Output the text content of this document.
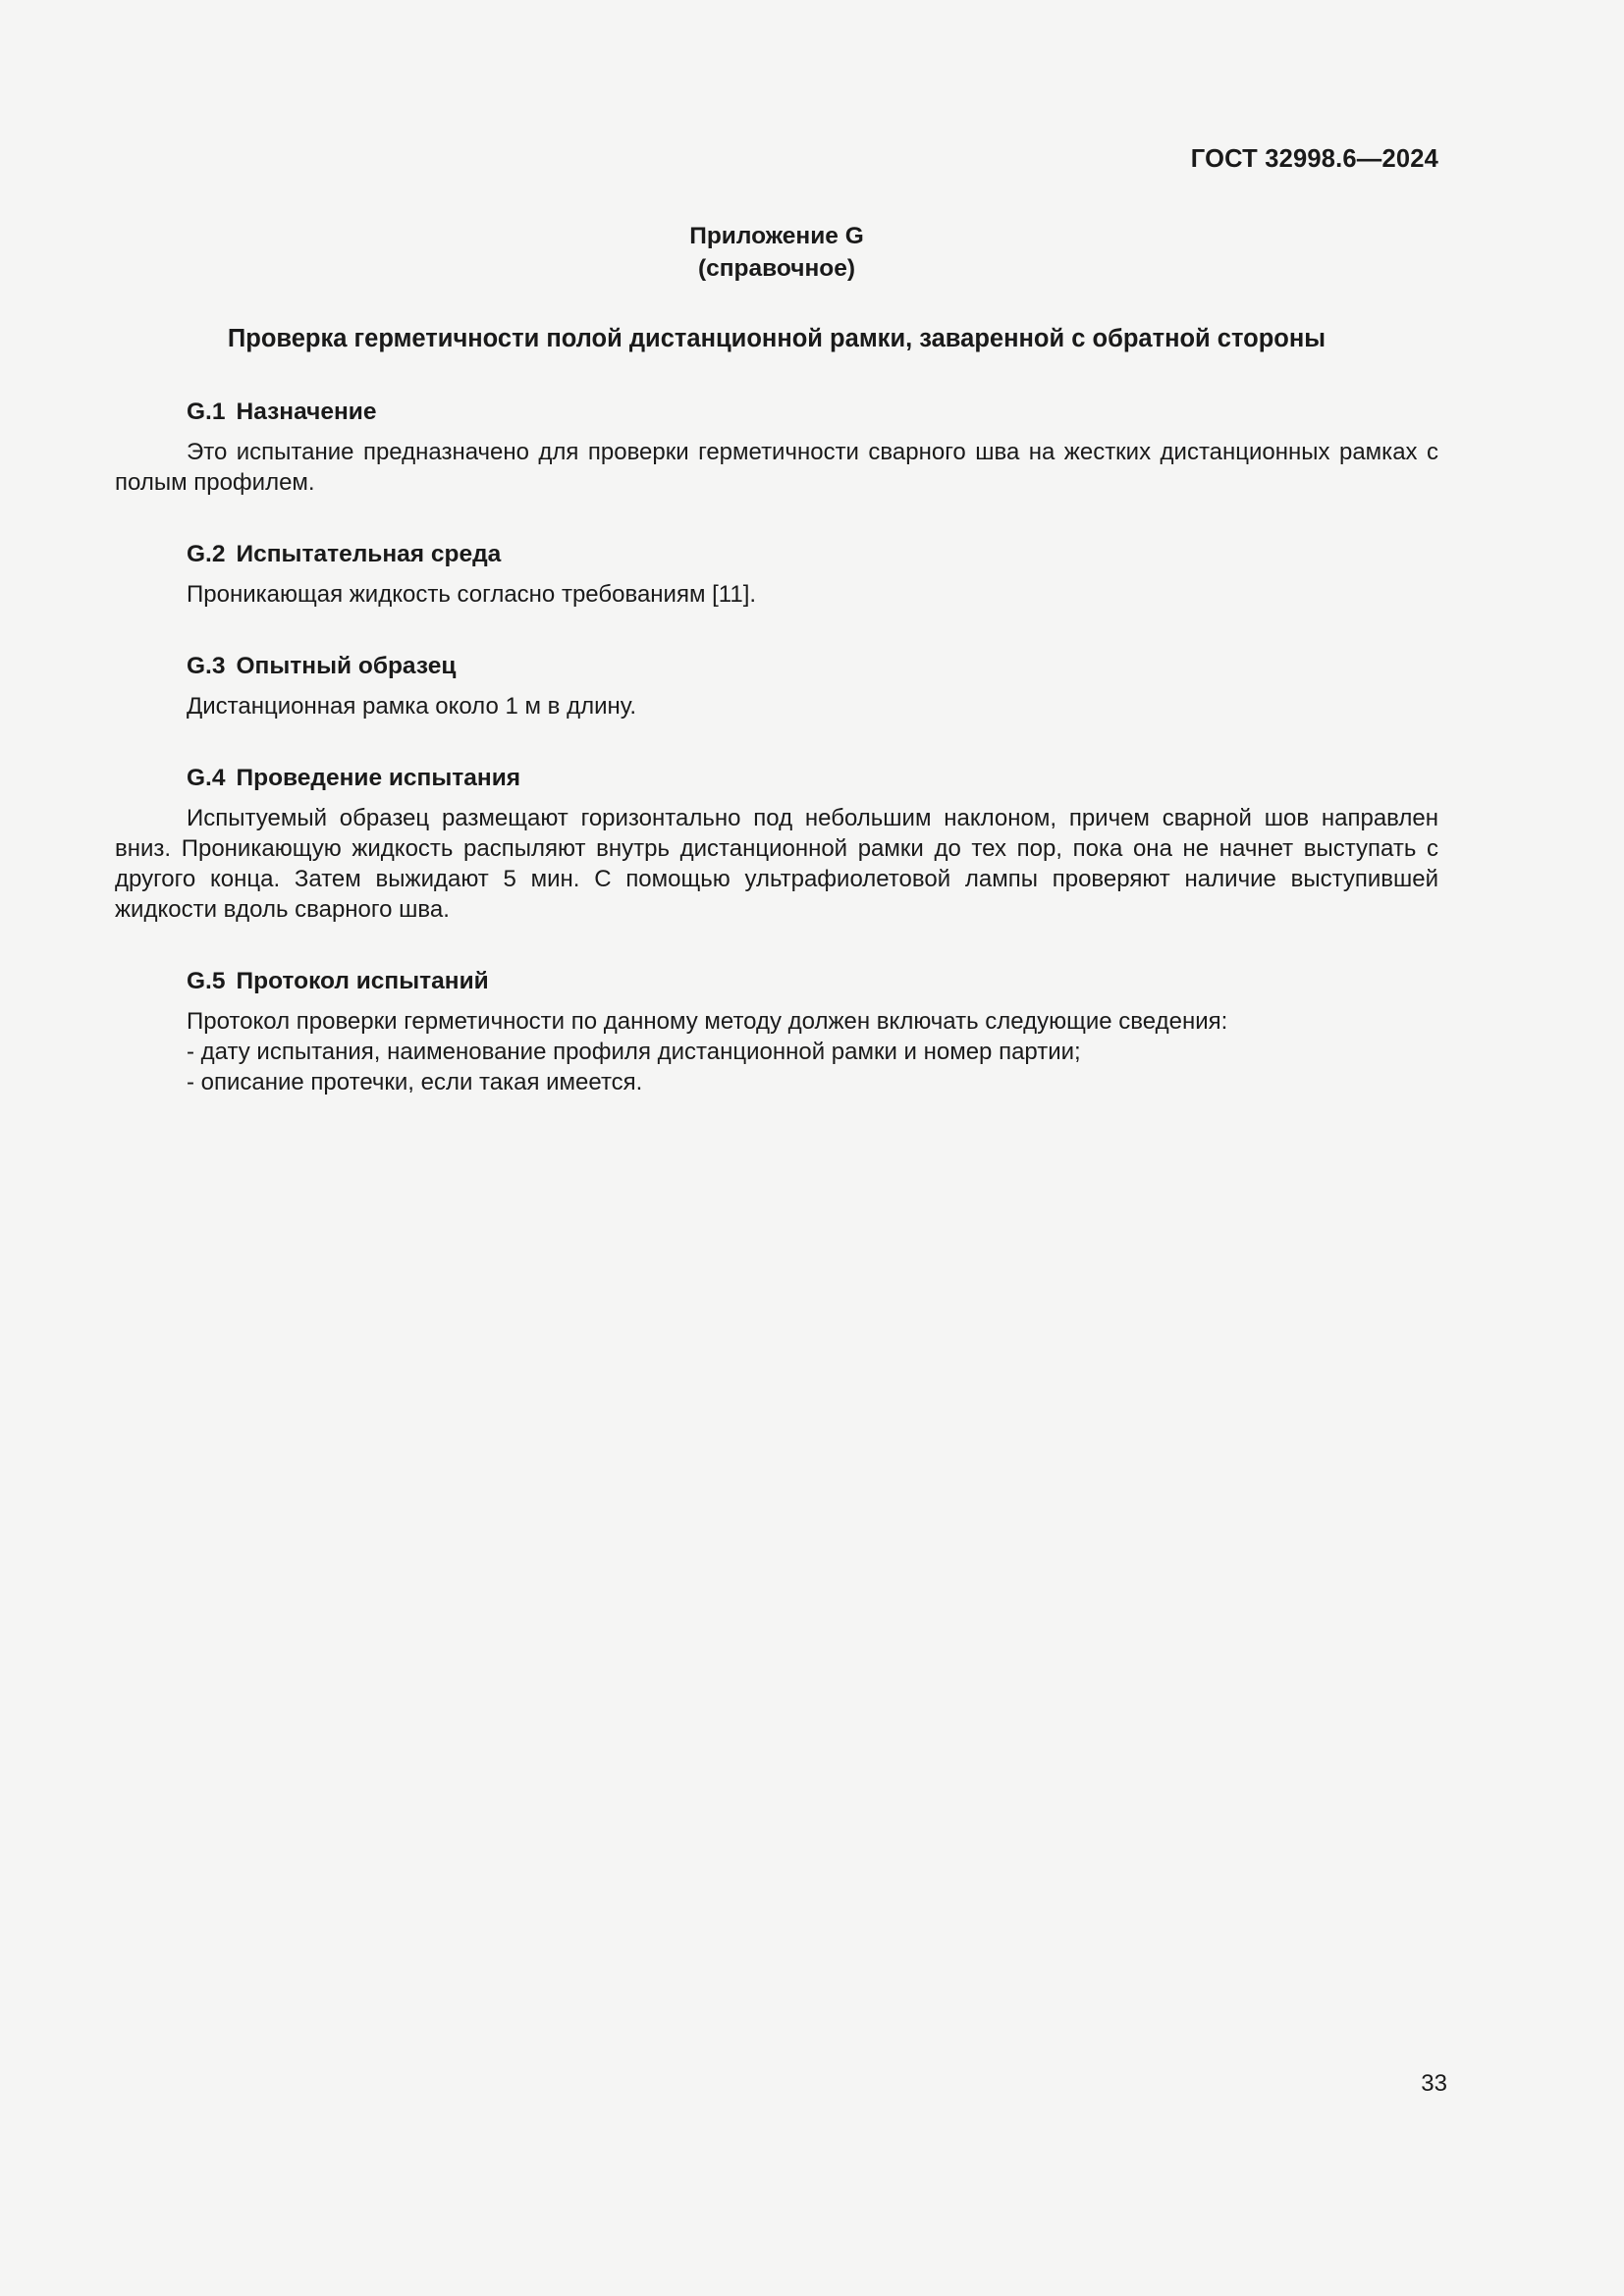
ГОСТ 32998.6—2024
Приложение G
(справочное)
Проверка герметичности полой дистанционной рамки, заваренной с обратной стороны
G.1 Назначение

Это испытание предназначено для проверки герметичности сварного шва на жестких дистанционных рамках с полым профилем.

G.2 Испытательная среда

Проникающая жидкость согласно требованиям [11].

G.3 Опытный образец

Дистанционная рамка около 1 м в длину.

G.4 Проведение испытания

Испытуемый образец размещают горизонтально под небольшим наклоном, причем сварной шов направлен вниз. Проникающую жидкость распыляют внутрь дистанционной рамки до тех пор, пока она не начнет выступать с другого конца. Затем выжидают 5 мин. С помощью ультрафиолетовой лампы проверяют наличие выступившей жидкости вдоль сварного шва.

G.5 Протокол испытаний

Протокол проверки герметичности по данному методу должен включать следующие сведения:

- дату испытания, наименование профиля дистанционной рамки и номер партии;

- описание протечки, если такая имеется.

33
